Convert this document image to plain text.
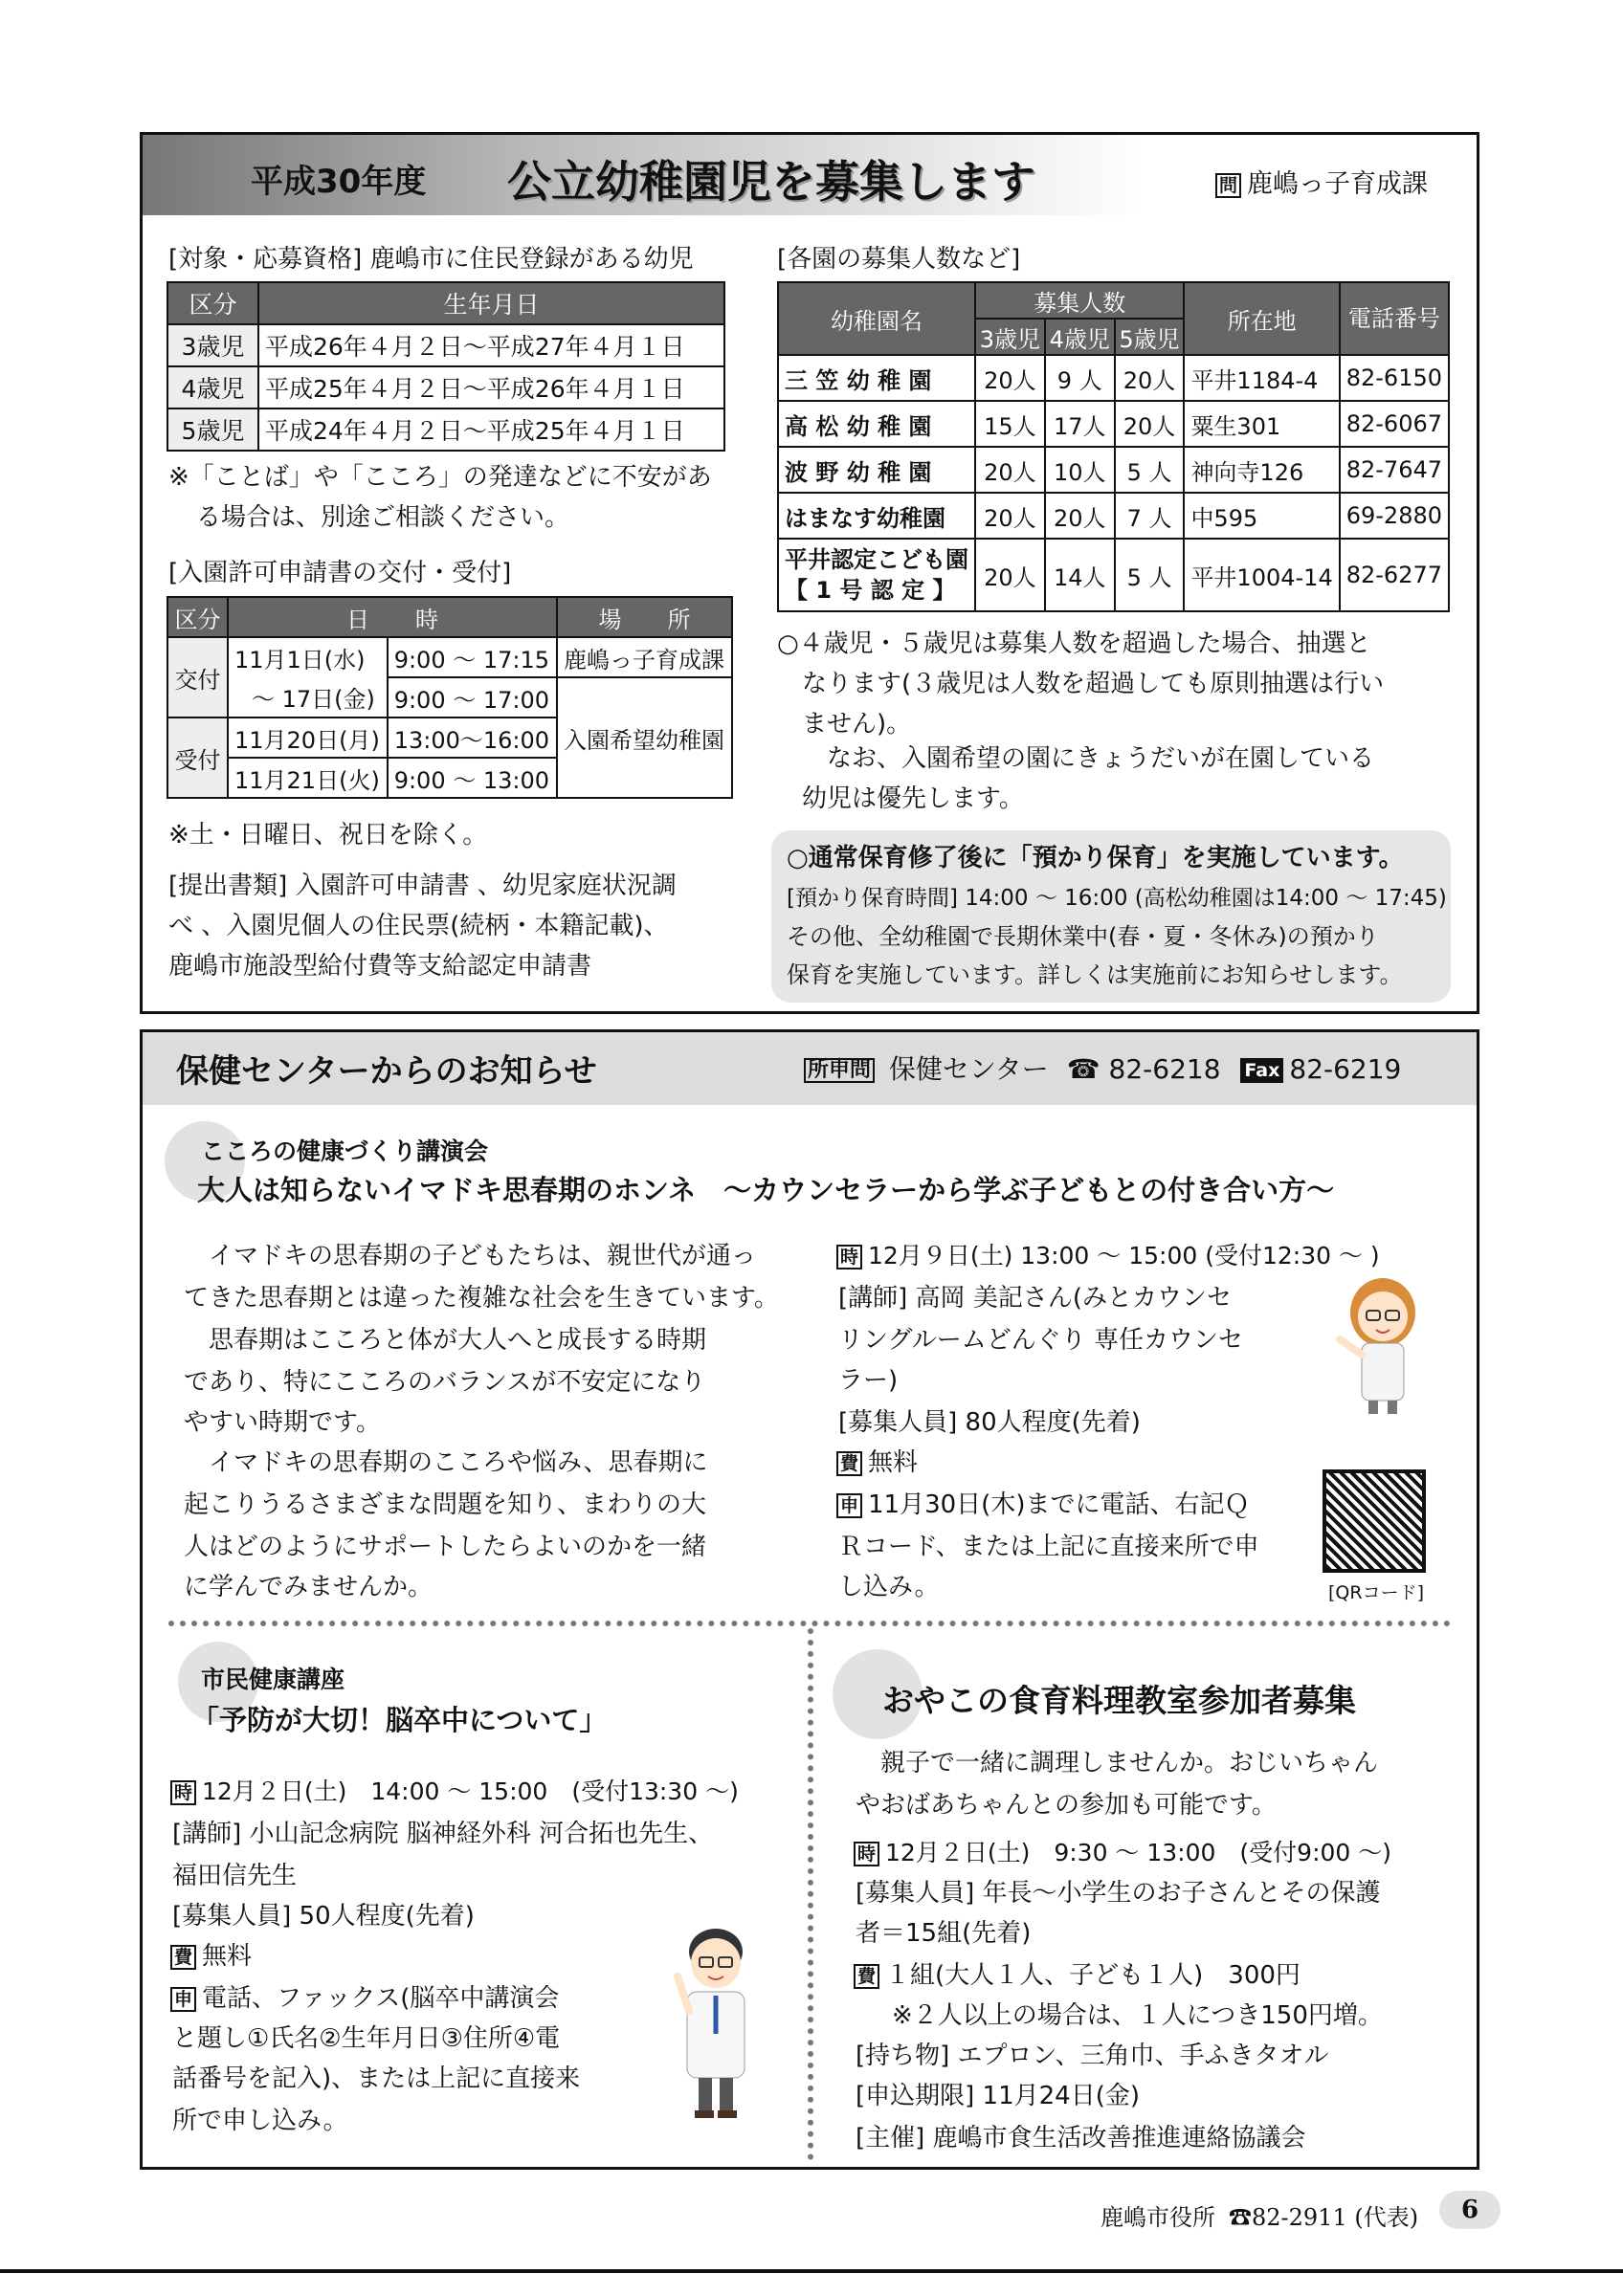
平成30年度 公立幼稚園児を募集します	問 鹿嶋っ子育成課
[対象・応募資格] 鹿嶋市に住民登録がある幼児
区分	生年月日
3歳児	平成26年４月２日～平成27年４月１日
4歳児	平成25年４月２日～平成26年４月１日
5歳児	平成24年４月２日～平成25年４月１日
※「ことば」や「こころ」の発達などに不安があ
る場合は、別途ご相談ください。
[入園許可申請書の交付・受付]
区分	日　　時		場　　所
交付	11月1日(水)	9:00 ～ 17:15	鹿嶋っ子育成課
	～ 17日(金)	9:00 ～ 17:00	入園希望幼稚園
受付	11月20日(月)	13:00～16:00	
	11月21日(火)	9:00 ～ 13:00	
※土・日曜日、祝日を除く。
[提出書類] 入園許可申請書 、幼児家庭状況調
べ 、入園児個人の住民票(続柄・本籍記載)、
鹿嶋市施設型給付費等支給認定申請書
[各園の募集人数など]
幼稚園名	募集人数			所在地	電話番号
	3歳児	4歳児	5歳児		
三 笠 幼 稚 園	20人	9 人	20人	平井1184-4	82-6150
高 松 幼 稚 園	15人	17人	20人	粟生301	82-6067
波 野 幼 稚 園	20人	10人	5 人	神向寺126	82-7647
はまなす幼稚園	20人	20人	7 人	中595	69-2880

平井認定こども園
【 1 号 認 定 】	20人	14人	5 人	平井1004-14	82-6277
○４歳児・５歳児は募集人数を超過した場合、抽選と
なります(３歳児は人数を超過しても原則抽選は行い
ません)。
　なお、入園希望の園にきょうだいが在園している
幼児は優先します。
○通常保育修了後に「預かり保育」を実施しています。
[預かり保育時間] 14:00 ～ 16:00 (高松幼稚園は14:00 ～ 17:45)
その他、全幼稚園で長期休業中(春・夏・冬休み)の預かり
保育を実施しています。詳しくは実施前にお知らせします。
保健センターからのお知らせ	所申問 保健センター ☎ 82-6218 Fax 82-6219
こころの健康づくり講演会
大人は知らないイマドキ思春期のホンネ　～カウンセラーから学ぶ子どもとの付き合い方～
　イマドキの思春期の子どもたちは、親世代が通っ
てきた思春期とは違った複雑な社会を生きています。
　思春期はこころと体が大人へと成長する時期
であり、特にこころのバランスが不安定になり
やすい時期です。
　イマドキの思春期のこころや悩み、思春期に
起こりうるさまざまな問題を知り、まわりの大
人はどのようにサポートしたらよいのかを一緒
に学んでみませんか。
時 12月９日(土) 13:00 ～ 15:00 (受付12:30 ～ )
[講師] 高岡 美記さん(みとカウンセ
リングルームどんぐり 専任カウンセ
ラー)
[募集人員] 80人程度(先着)
費 無料
申 11月30日(木)までに電話、右記Ｑ
Ｒコード、または上記に直接来所で申
し込み。	[QRコード]
市民健康講座
「予防が大切！脳卒中について」
時 12月２日(土)　14:00 ～ 15:00　(受付13:30 ～)
[講師] 小山記念病院 脳神経外科 河合拓也先生、
福田信先生
[募集人員] 50人程度(先着)
費 無料
申 電話、ファックス(脳卒中講演会
と題し①氏名②生年月日③住所④電
話番号を記入)、または上記に直接来
所で申し込み。
おやこの食育料理教室参加者募集
　親子で一緒に調理しませんか。おじいちゃん
やおばあちゃんとの参加も可能です。
時 12月２日(土)　9:30 ～ 13:00　(受付9:00 ～)
[募集人員] 年長～小学生のお子さんとその保護
者＝15組(先着)
費 １組(大人１人、子ども１人)　300円
※２人以上の場合は、１人につき150円増。
[持ち物] エプロン、三角巾、手ふきタオル
[申込期限] 11月24日(金)
[主催] 鹿嶋市食生活改善推進連絡協議会
鹿嶋市役所 ☎82-2911 (代表)	6
